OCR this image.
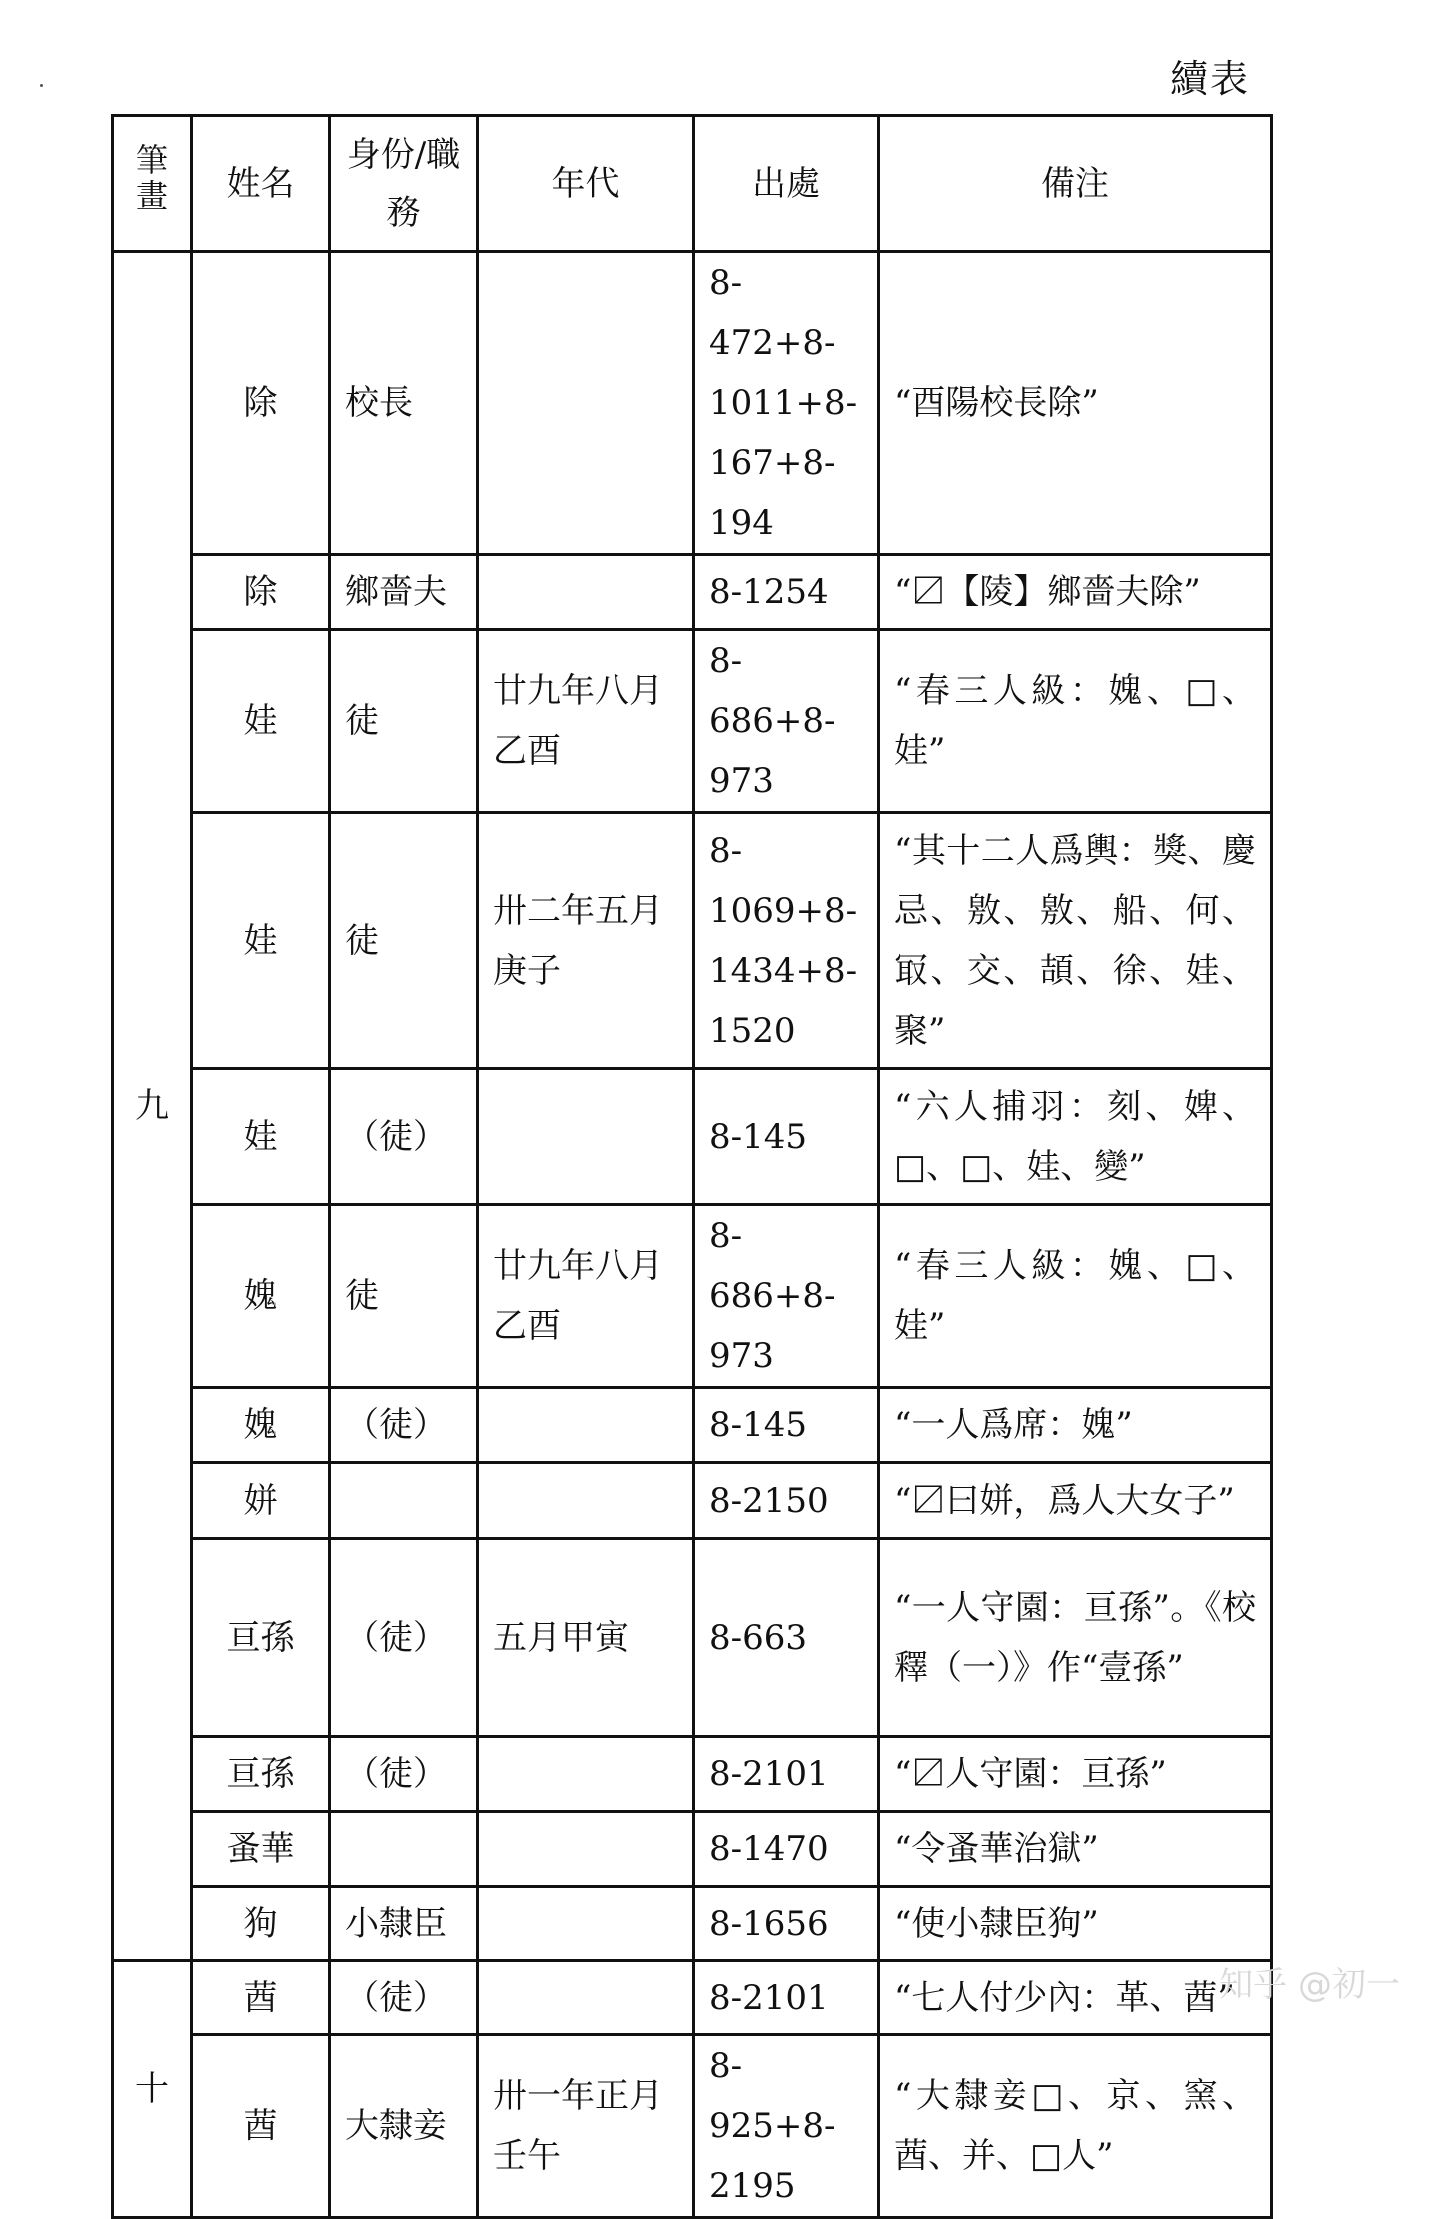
續表
筆畫	姓名	身份/職務	年代	出處	備注
九	除	校長		8-472+8-1011+8-167+8-194	“酉陽校長除”
	除	鄉嗇夫		8-1254	“〼【陵】鄉嗇夫除”
	娃	徒	廿九年八月乙酉	8-686+8-973	“春三人級：媿、□、娃”
	娃	徒	卅二年五月庚子	8-1069+8-1434+8-1520	“其十二人爲輿：獎、慶忌、敫、敫、船、何、冣、交、頡、徐、娃、聚”
	娃	（徒）		8-145	“六人捕羽：刻、婢、□、□、娃、變”
	媿	徒	廿九年八月乙酉	8-686+8-973	“春三人級：媿、□、娃”
	媿	（徒）		8-145	“一人爲席：媿”
	姘			8-2150	“〼曰姘，爲人大女子”
	亘孫	（徒）	五月甲寅	8-663	“一人守園：亘孫”。《校釋（一）》作“壹孫”
	亘孫	（徒）		8-2101	“〼人守園：亘孫”
	蚤華			8-1470	“令蚤華治獄”
	狗	小隸臣		8-1656	“使小隸臣狗”
十	莤	（徒）		8-2101	“七人付少內：革、莤”
	莤	大隸妾	卅一年正月壬午	8-925+8-2195	“大隸妾□、京、窯、莤、并、□人”
知乎 @初一
